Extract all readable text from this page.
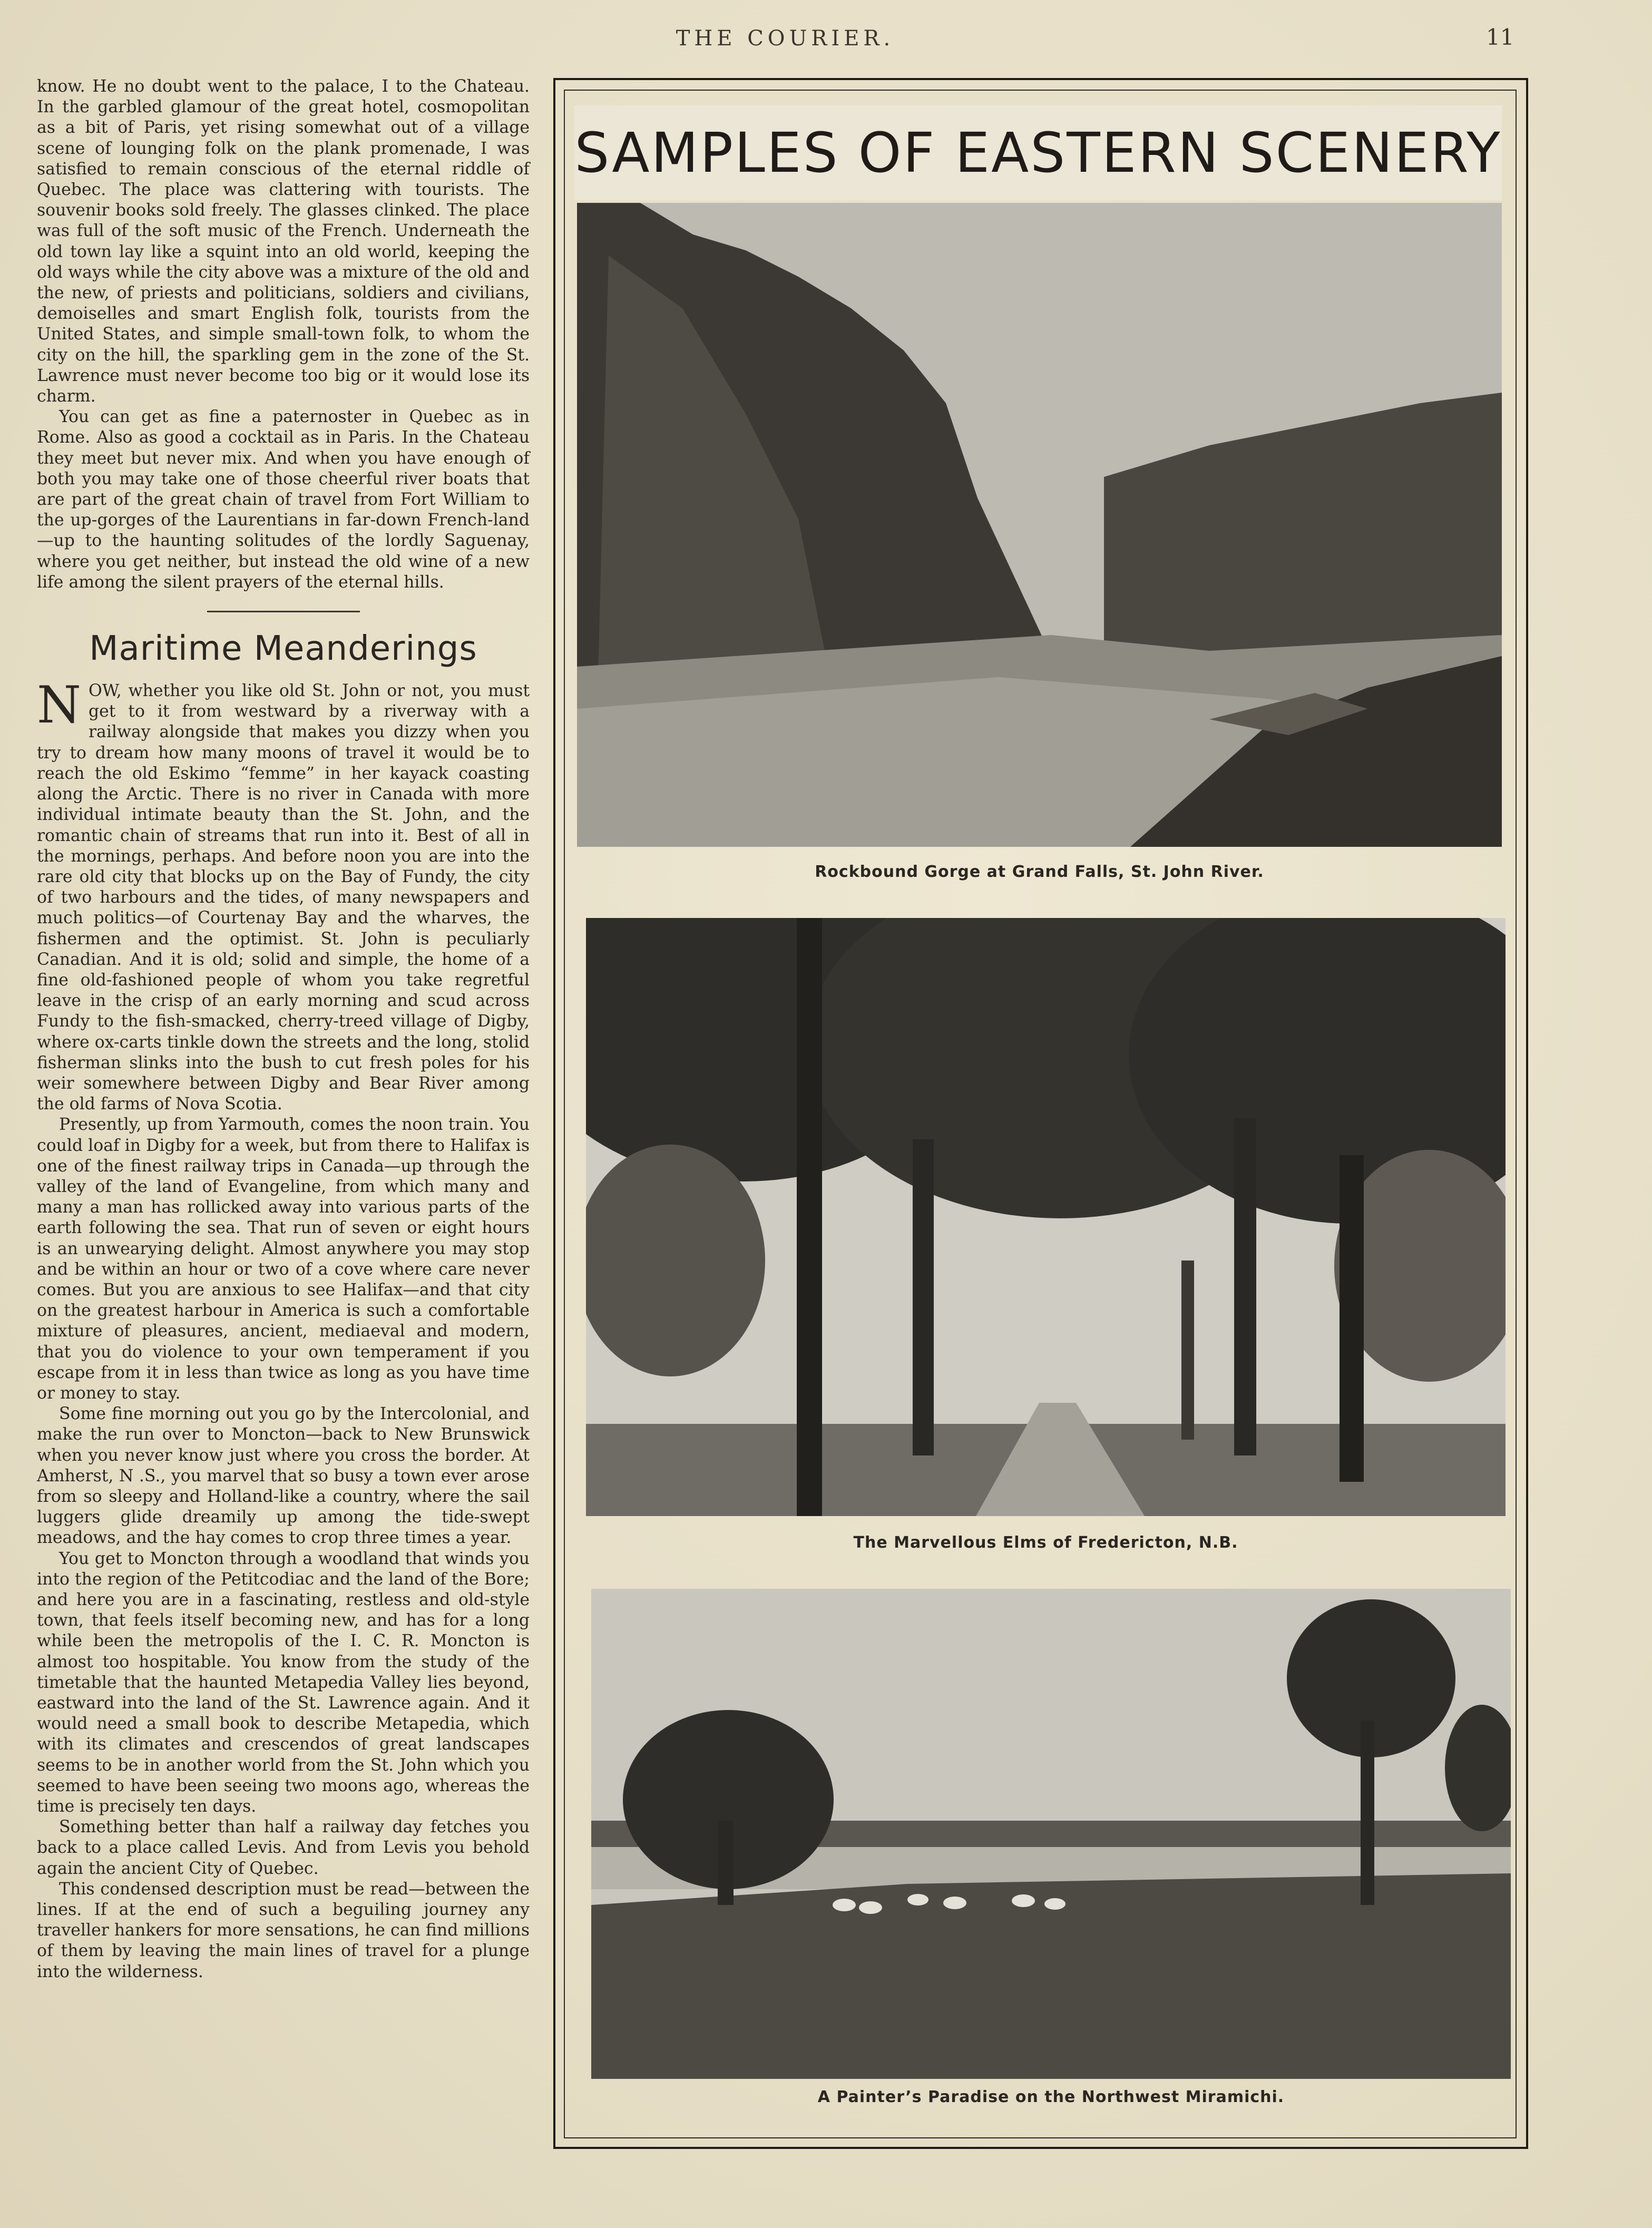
THE COURIER.	11

know. He no doubt went to the palace, I to the Chateau. In the garbled glamour of the great hotel, cosmopolitan as a bit of Paris, yet rising somewhat out of a village scene of lounging folk on the plank promenade, I was satisfied to remain conscious of the eternal riddle of Quebec. The place was clattering with tourists. The souvenir books sold freely. The glasses clinked. The place was full of the soft music of the French. Underneath the old town lay like a squint into an old world, keeping the old ways while the city above was a mixture of the old and the new, of priests and politicians, soldiers and civilians, demoiselles and smart English folk, tourists from the United States, and simple small-town folk, to whom the city on the hill, the sparkling gem in the zone of the St. Lawrence must never become too big or it would lose its charm.

You can get as fine a paternoster in Quebec as in Rome. Also as good a cocktail as in Paris. In the Chateau they meet but never mix. And when you have enough of both you may take one of those cheerful river boats that are part of the great chain of travel from Fort William to the up-gorges of the Laurentians in far-down French-land—up to the haunting solitudes of the lordly Saguenay, where you get neither, but instead the old wine of a new life among the silent prayers of the eternal hills.

Maritime Meanderings

NOW, whether you like old St. John or not, you must get to it from westward by a riverway with a railway alongside that makes you dizzy when you try to dream how many moons of travel it would be to reach the old Eskimo “femme” in her kayack coasting along the Arctic. There is no river in Canada with more individual intimate beauty than the St. John, and the romantic chain of streams that run into it. Best of all in the mornings, perhaps. And before noon you are into the rare old city that blocks up on the Bay of Fundy, the city of two harbours and the tides, of many newspapers and much politics—of Courtenay Bay and the wharves, the fishermen and the optimist. St. John is peculiarly Canadian. And it is old; solid and simple, the home of a fine old-fashioned people of whom you take regretful leave in the crisp of an early morning and scud across Fundy to the fish-smacked, cherry-treed village of Digby, where ox-carts tinkle down the streets and the long, stolid fisherman slinks into the bush to cut fresh poles for his weir somewhere between Digby and Bear River among the old farms of Nova Scotia.

Presently, up from Yarmouth, comes the noon train. You could loaf in Digby for a week, but from there to Halifax is one of the finest railway trips in Canada—up through the valley of the land of Evangeline, from which many and many a man has rollicked away into various parts of the earth following the sea. That run of seven or eight hours is an unwearying delight. Almost anywhere you may stop and be within an hour or two of a cove where care never comes. But you are anxious to see Halifax—and that city on the greatest harbour in America is such a comfortable mixture of pleasures, ancient, mediaeval and modern, that you do violence to your own temperament if you escape from it in less than twice as long as you have time or money to stay.

Some fine morning out you go by the Intercolonial, and make the run over to Moncton—back to New Brunswick when you never know just where you cross the border. At Amherst, N .S., you marvel that so busy a town ever arose from so sleepy and Holland-like a country, where the sail luggers glide dreamily up among the tide-swept meadows, and the hay comes to crop three times a year.

You get to Moncton through a woodland that winds you into the region of the Petitcodiac and the land of the Bore; and here you are in a fascinating, restless and old-style town, that feels itself becoming new, and has for a long while been the metropolis of the I. C. R. Moncton is almost too hospitable. You know from the study of the timetable that the haunted Metapedia Valley lies beyond, eastward into the land of the St. Lawrence again. And it would need a small book to describe Metapedia, which with its climates and crescendos of great landscapes seems to be in another world from the St. John which you seemed to have been seeing two moons ago, whereas the time is precisely ten days.

Something better than half a railway day fetches you back to a place called Levis. And from Levis you behold again the ancient City of Quebec.

This condensed description must be read—between the lines. If at the end of such a beguiling journey any traveller hankers for more sensations, he can find millions of them by leaving the main lines of travel for a plunge into the wilderness.

SAMPLES OF EASTERN SCENERY

Rockbound Gorge at Grand Falls, St. John River.

The Marvellous Elms of Fredericton, N.B.

A Painter’s Paradise on the Northwest Miramichi.
